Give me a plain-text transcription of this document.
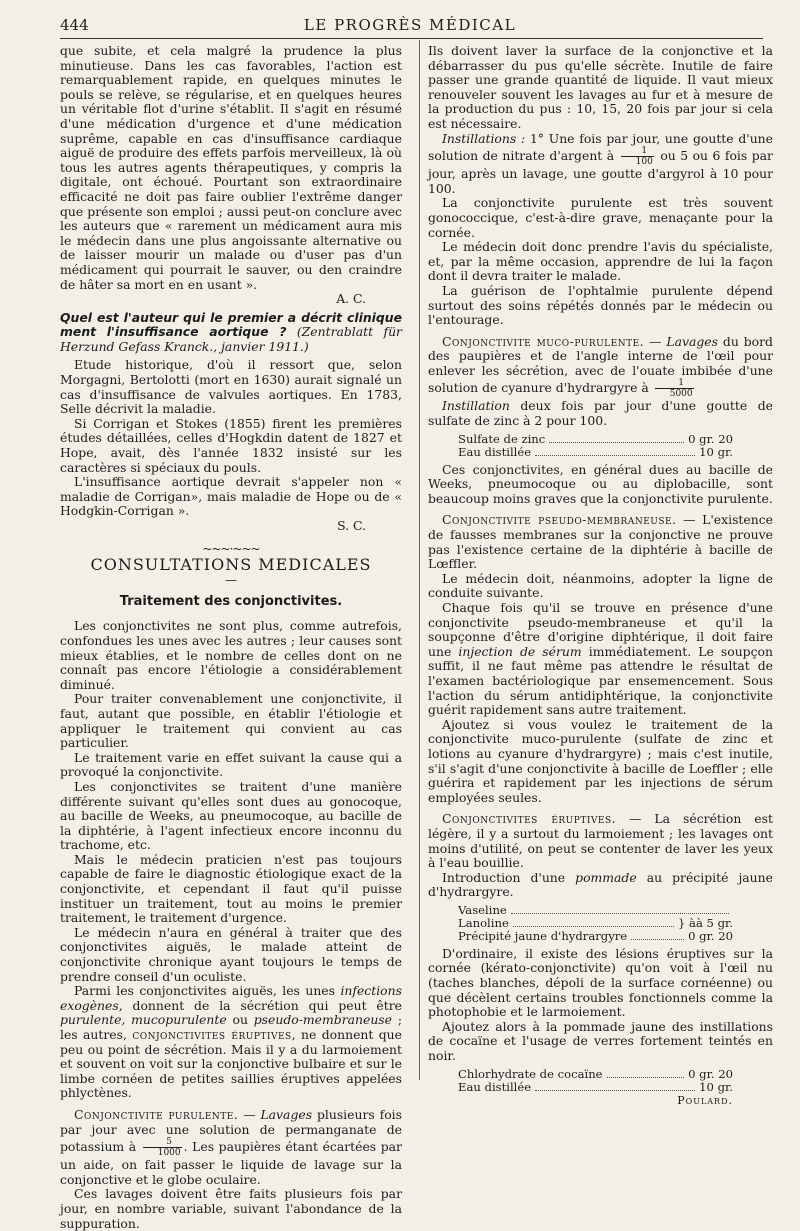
444	LE PROGRÈS MÉDICAL

que subite, et cela malgré la prudence la plus minutieuse. Dans les cas favorables, l'action est remarquablement rapide, en quelques minutes le pouls se relève, se régularise, et en quelques heures un véritable flot d'urine s'établit. Il s'agit en résumé d'une médication d'urgence et d'une médication suprême, capable en cas d'insuffisance cardiaque aiguë de produire des effets parfois merveilleux, là où tous les autres agents thérapeutiques, y compris la digitale, ont échoué. Pourtant son extraordinaire efficacité ne doit pas faire oublier l'extrême danger que présente son emploi ; aussi peut-on conclure avec les auteurs que « rarement un médicament aura mis le médecin dans une plus angoissante alternative ou de laisser mourir un malade ou d'user pas d'un médicament qui pourrait le sauver, ou den craindre de hâter sa mort en en usant ».

A. C.

Quel est l'auteur qui le premier a décrit clinique ment l'insuffisance aortique ? (Zentrablatt für Herzund Gefass Kranck., janvier 1911.)

Etude historique, d'où il ressort que, selon Morgagni, Bertolotti (mort en 1630) aurait signalé un cas d'insuffisance de valvules aortiques. En 1783, Selle décrivit la maladie.

Si Corrigan et Stokes (1855) firent les premières études détaillées, celles d'Hogkdin datent de 1827 et Hope, avait, dès l'année 1832 insisté sur les caractères si spéciaux du pouls.

L'insuffisance aortique devrait s'appeler non « maladie de Corrigan», mais maladie de Hope ou de « Hodgkin-Corrigan ».

S. C.

~~~·~~~
CONSULTATIONS MEDICALES
—
Traitement des conjonctivites.

Les conjonctivites ne sont plus, comme autrefois, confondues les unes avec les autres ; leur causes sont mieux établies, et le nombre de celles dont on ne connaît pas encore l'étiologie a considérablement diminué.

Pour traiter convenablement une conjonctivite, il faut, autant que possible, en établir l'étiologie et appliquer le traitement qui convient au cas particulier.

Le traitement varie en effet suivant la cause qui a provoqué la conjonctivite.

Les conjonctivites se traitent d'une manière différente suivant qu'elles sont dues au gonocoque, au bacille de Weeks, au pneumocoque, au bacille de la diphtérie, à l'agent infectieux encore inconnu du trachome, etc.

Mais le médecin praticien n'est pas toujours capable de faire le diagnostic étiologique exact de la conjonctivite, et cependant il faut qu'il puisse instituer un traitement, tout au moins le premier traitement, le traitement d'urgence.

Le médecin n'aura en général à traiter que des conjonctivites aiguës, le malade atteint de conjonctivite chronique ayant toujours le temps de prendre conseil d'un oculiste.

Parmi les conjonctivites aiguës, les unes infections exogènes, donnent de la sécrétion qui peut être purulente, mucopurulente ou pseudo-membraneuse ; les autres, conjonctivites éruptives, ne donnent que peu ou point de sécrétion. Mais il y a du larmoiement et souvent on voit sur la conjonctive bulbaire et sur le limbe cornéen de petites saillies éruptives appelées phlyctènes.

Conjonctivite purulente. — Lavages plusieurs fois par jour avec une solution de permanganate de potassium à $\frac{5}{1000}$ . Les paupières étant écartées par un aide, on fait passer le liquide de lavage sur la conjonctive et le globe oculaire.

Ces lavages doivent être faits plusieurs fois par jour, en nombre variable, suivant l'abondance de la suppuration.

Ils doivent laver la surface de la conjonctive et la débarrasser du pus qu'elle sécrète. Inutile de faire passer une grande quantité de liquide. Il vaut mieux renouveler souvent les lavages au fur et à mesure de la production du pus : 10, 15, 20 fois par jour si cela est nécessaire.

Instillations : 1° Une fois par jour, une goutte d'une solution de nitrate d'argent à $\frac{1}{100}$ ou 5 ou 6 fois par jour, après un lavage, une goutte d'argyrol à 10 pour 100.

La conjonctivite purulente est très souvent gonococcique, c'est-à-dire grave, menaçante pour la cornée.

Le médecin doit donc prendre l'avis du spécialiste, et, par la même occasion, apprendre de lui la façon dont il devra traiter le malade.

La guérison de l'ophtalmie purulente dépend surtout des soins répétés donnés par le médecin ou l'entourage.

Conjonctivite muco-purulente. — Lavages du bord des paupières et de l'angle interne de l'œil pour enlever les sécrétion, avec de l'ouate imbibée d'une solution de cyanure d'hydrargyre à $\frac{1}{5000}$

Instillation deux fois par jour d'une goutte de sulfate de zinc à 2 pour 100.

Sulfate de zinc	0 gr. 20
Eau distillée	10 gr.

Ces conjonctivites, en général dues au bacille de Weeks, pneumocoque ou au diplobacille, sont beaucoup moins graves que la conjonctivite purulente.

Conjonctivite pseudo-membraneuse. — L'existence de fausses membranes sur la conjonctive ne prouve pas l'existence certaine de la diphtérie à bacille de Lœffler.

Le médecin doit, néanmoins, adopter la ligne de conduite suivante.

Chaque fois qu'il se trouve en présence d'une conjonctivite pseudo-membraneuse et qu'il la soupçonne d'être d'origine diphtérique, il doit faire une injection de sérum immédiatement. Le soupçon suffit, il ne faut même pas attendre le résultat de l'examen bactériologique par ensemencement. Sous l'action du sérum antidiphtérique, la conjonctivite guérit rapidement sans autre traitement.

Ajoutez si vous voulez le traitement de la conjonctivite muco-purulente (sulfate de zinc et lotions au cyanure d'hydrargyre) ; mais c'est inutile, s'il s'agit d'une conjonctivite à bacille de Loeffler ; elle guérira et rapidement par les injections de sérum employées seules.

Conjonctivites éruptives. — La sécrétion est légère, il y a surtout du larmoiement ; les lavages ont moins d'utilité, on peut se contenter de laver les yeux à l'eau bouillie.

Introduction d'une pommade au précipité jaune d'hydrargyre.

Vaseline
Lanoline	} àà 5 gr.
Précipité jaune d'hydrargyre	0 gr. 20

D'ordinaire, il existe des lésions éruptives sur la cornée (kérato-conjonctivite) qu'on voit à l'œil nu (taches blanches, dépoli de la surface cornéenne) ou que décèlent certains troubles fonctionnels comme la photophobie et le larmoiement.

Ajoutez alors à la pommade jaune des instillations de cocaïne et l'usage de verres fortement teintés en noir.

Chlorhydrate de cocaïne	0 gr. 20
Eau distillée	10 gr.
Poulard.
